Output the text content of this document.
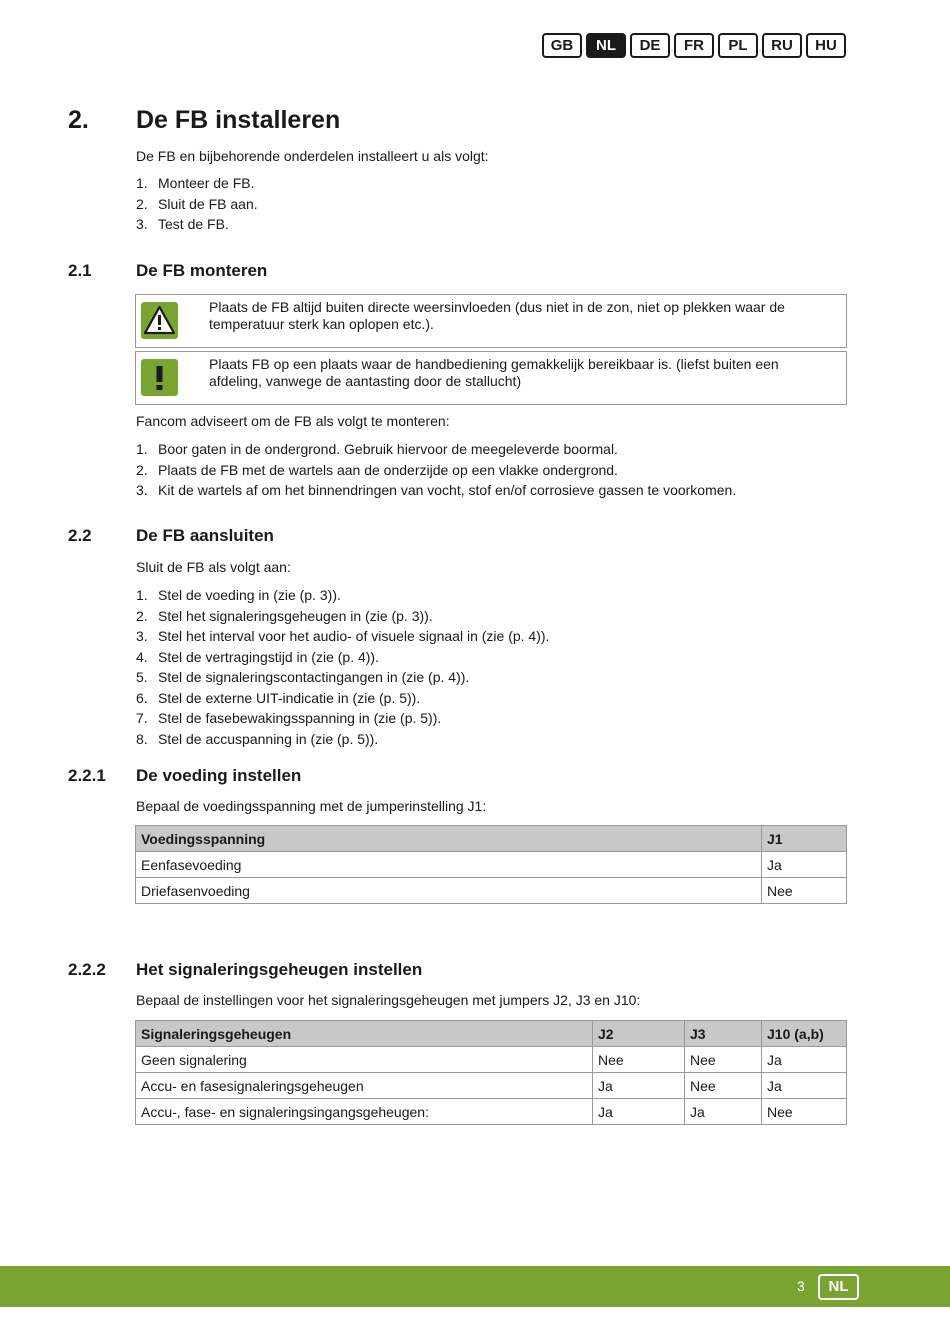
GB	NL	DE	FR	PL	RU	HU
2. De FB installeren
De FB en bijbehorende onderdelen installeert u als volgt:
1. Monteer de FB.
2. Sluit de FB aan.
3. Test de FB.
2.1	De FB monteren
Plaats de FB altijd buiten directe weersinvloeden (dus niet in de zon, niet op plekken waar de temperatuur sterk kan oplopen etc.).
Plaats FB op een plaats waar de handbediening gemakkelijk bereikbaar is. (liefst buiten een afdeling, vanwege de aantasting door de stallucht)
Fancom adviseert om de FB als volgt te monteren:
1. Boor gaten in de ondergrond. Gebruik hiervoor de meegeleverde boormal.
2. Plaats de FB met de wartels aan de onderzijde op een vlakke ondergrond.
3. Kit de wartels af om het binnendringen van vocht, stof en/of corrosieve gassen te voorkomen.
2.2	De FB aansluiten
Sluit de FB als volgt aan:
1. Stel de voeding in (zie (p. 3)).
2. Stel het signaleringsgeheugen in (zie (p. 3)).
3. Stel het interval voor het audio- of visuele signaal in (zie (p. 4)).
4. Stel de vertragingstijd in (zie (p. 4)).
5. Stel de signaleringscontactingangen in (zie (p. 4)).
6. Stel de externe UIT-indicatie in (zie (p. 5)).
7. Stel de fasebewakingsspanning in (zie (p. 5)).
8. Stel de accuspanning in (zie (p. 5)).
2.2.1 De voeding instellen
Bepaal de voedingsspanning met de jumperinstelling J1:
Voedingsspanning	J1
Eenfasevoeding	Ja
Driefasenvoeding	Nee
2.2.2 Het signaleringsgeheugen instellen
Bepaal de instellingen voor het signaleringsgeheugen met jumpers J2, J3 en J10:
Signaleringsgeheugen	J2	J3	J10 (a,b)
Geen signalering	Nee	Nee	Ja
Accu- en fasesignaleringsgeheugen	Ja	Nee	Ja
Accu-, fase- en signaleringsingangsgeheugen:	Ja	Ja	Nee
3	NL
